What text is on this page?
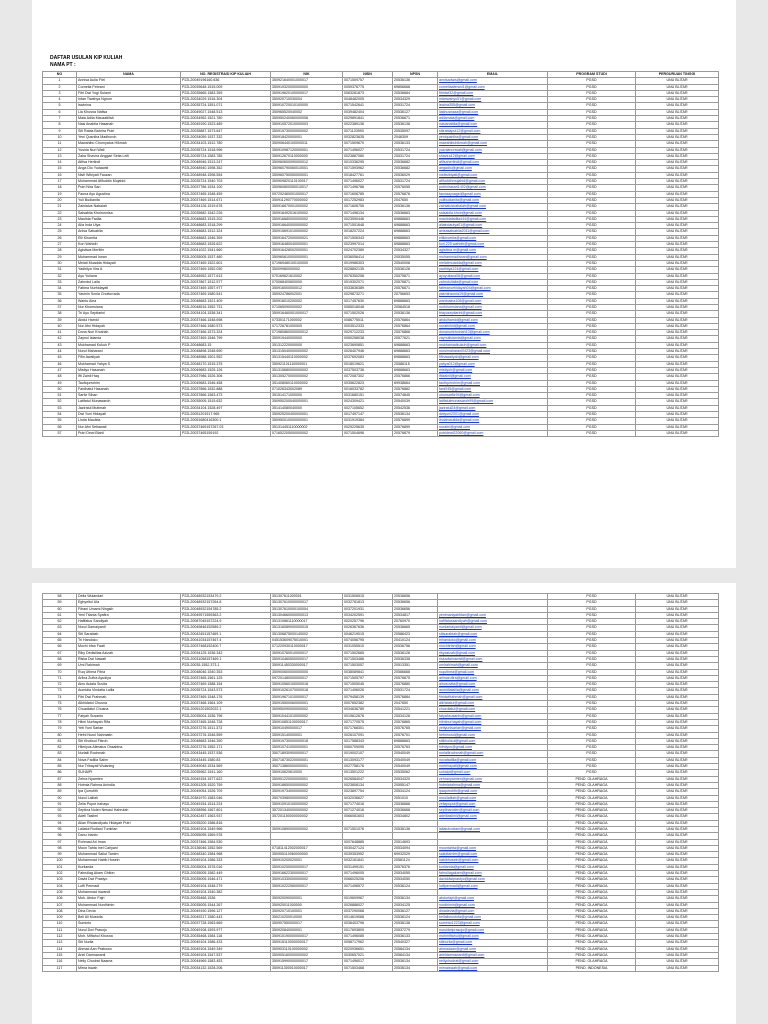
DAFTAR USULAN KIP KULIAH
NAMA PT :
NO	NAMA	NO. REGISTRASI KIP KULIAH	NIK	NISN	NPSN	EMAIL	PROGRAM STUDI	PERGURUAN TINGGI
1	Annisa Aulia Fitri	P22L20049196160.636	350921640001000017	0071509757	20536136	annisadwis@gmail.com	PGSD	UNU BLITAR
2	Cornelia Febrani	P22L20039648.1515.009	350919320000000000	0059376775	69856668	corneliaaferani1@gmail.com	PGSD	UNU BLITAR
3	Fitri Dwi Yogi Sulami	P22L20035665.1583.359	350919620100000017	0063281873	20536684	fitridwi32@gmail.com	PGSD	UNU BLITAR
4	Intan Tiwahya Ngrum	P22L20034029.1516.304	350920710030004	0048482005	20534329	intanwahyu51@gmail.com	PGSD	UNU BLITAR
5	Iswinina	P22L20035724.1551.071	350910720010100000	0071542641	20531724	iswina355@gmail.com	PGSD	UNU BLITAR
6	Lia Khusna Nafisa	P22L20049027.1548.513	350965520040002	0039482404	20536127	liakhusnaaa@gmail.com	PGSD	UNU BLITAR
7	Maia Adila Mauzatillah	P22L20034952.1521.780	350950240060000006	0029891841	20536671	adilamaia@gmail.com	PGSD	UNU BLITAR
8	Nasi Anabila Hasanah	P22L20049190.1523.489	350910572010000003	0022389136	20536138	nasianabila@gmail.com	PGSD	UNU BLITAR
9	Siti Rabia Bahrira Putri	P22L20035887.1573.647	350919730000000002	0071103993	20535097	sitirabiaput12@gmail.com	PGSD	UNU BLITAR
10	Yeni Qusniha Madhuroh	P22L20034059.1537.332	350918420000001	0032823635	2046309	yeniqusniha@gmail.com	PGSD	UNU BLITAR
11	Mawahibu Chomyatus Hikmah	P22L20034103.1512.780	350906440100000011	0071509670	20536133	mawahibuhikmah@gmail.com	PGSD	UNU BLITAR
12	Yusnia Nuri Wati	P22L20035724.1518.996	350910987120000001	0071496027	20531724	yusnianuriwati@gmail.com	PGSD	UNU BLITAR
13	Zaka Shavira Anggari Setia Lelli	P22L20035724.1583.785	350912670110000000	0023887080	20531724	shavira12@gmail.com	PGSD	UNU BLITAR
14	Afifsa Herlindi	P22L20048946.1513.247	350960600090000012	0010336295	20536682	afifsaherlindi@gmail.com	PGSD	UNU BLITAR
15	Anga Dio Yudawati	P22L20048940.1598.352	350960790060010001	0071593962	20536682	angadio@gmail.com	PGSD	UNU BLITAR
16	Nisfi Wibiyati Fauzan	P22L20048948.1598.554	350960750050000001	0018427761	20536029	nisfiwibiyati@gmail.com	PGSD	UNU BLITAR
17	Muhammad Afifuddin Mujahid	P22L20035724.1540.703	350909820110100017	0071496027	20531724	afifuddinmujahid@gmail.com	PGSD	UNU BLITAR
18	Putri Nira Sari	P22L20037786.1534.100	350960800050010017	0071496786	20576055	putrinirasari1402@gmail.com	PGSD	UNU BLITAR
19	Fauna Ayu Agustina	P22L20037465.1548.459	097202460001000017	0071606785	20576876	faunaayuagst@gmail.com	PGSD	UNU BLITAR
20	Yuli Budianita	P22L20037469.1514.671	350911290770000002	0017252983	2047650	yulibudianita@gmail.com	PGSD	UNU BLITAR
21	Zainiatus Nabaiah	P22L20034126.1519.678	350916670001000002	0071606755	20536136	zainiatusnabaiah@gmail.com	PGSD	UNU BLITAR
22	Salsabila Khoirunnisa	P22L20035682.1542.226	350916492016100002	0071496134	20536663	salsabila.khoir@gmail.com	PGSD	UNU BLITAR
23	Maulida Fadila	P22L20048683.1515.202	350916680000000002	0023590446	69888663	maulidafadila444@gmail.com	PGSD	UNU BLITAR
24	Alia Inda Utya	P22L20048683.1518.299	350916640000000002	0071501648	69888663	aliaindautya01@gmail.com	PGSD	UNU BLITAR
25	Anisa Salsabila	P22L20048683.1512.324	350915691010000002	0018207224	69888663	anisasalsabila2011@gmail.com	PGSD	UNU BLITAR
26	Elli Khoerita	P22L20048683.1546.359	350916472000000021	0071506343	69888663	ellikhoerita@gmail.com	PGSD	UNU BLITAR
27	Kori Wahidh	P22L20048683.1526.622	350916480040000001	0023997014	69888663	kori.225.wahidh@gmail.com	PGSD	UNU BLITAR
28	Agistiwa Merlitin	P22L20041022.1541.660	350916428002000001	0024702389	20534327	agistiwa.m@gmail.com	PGSD	UNU BLITAR
29	Muhammad Irwan	P22L20035005.1537.480	350960610000000001	0036056414	20535055	muhammadirwan@gmail.com	PGSD	UNU BLITAR
30	Melati Muadda Hidayati	P22L20037469.1522.601	071969480100100000	0019986303	20540008	melatimuadda@gmail.com	PGSD	UNU BLITAR
31	Yadhitya Vira A	P22L20037469.1552.030	35009980000002	0028892135	20536128	yadhitya124@gmail.com	PGSD	UNU BLITAR
32	Ayu Yuliana	P22L20048952.1577.613	070169621610002	0076350258	20575871	ayuyuliana08@gmail.com	PGSD	UNU BLITAR
33	Zahrotul Laila	P22L20037867.1512.577	070068400600000	0019302071	20576871	zahrotullaila@gmail.com	PGSD	UNU BLITAR
34	Fatima Nurhidayati	P22L20037469.1557.977	350916000000012	0033636389	20576871	fatimanurhidayah04@gmail.com	PGSD	UNU BLITAR
35	Yasmin Sonia Choiturrada	P22L20037469.1580.541	350924786002001	0029873271	20756653	yasminsonia19@gmail.com	PGSD	UNU BLITAR
36	Wanto Aina	P22L20048683.1521.409	350916010200002	0017457630	69888663	wantoaina108@gmail.com	PGSD	UNU BLITAR
37	Nur Khomsiana	P22L20048516.1552.731	071065090000002	0065018048	20584518	nurkhomsiana@gmail.com	PGSD	UNU BLITAR
38	Tri Ayu Septiarini	P22L20034104.1538.341	350916460001000017	0071502026	20536136	triayuseptiarini@gmail.com	PGSD	UNU BLITAR
39	Abdul Hamid	P22L20037466.1548.698	073301171000002	0086775011	20576864	abdulhamid@gmail.com	PGSD	UNU BLITAR
40	Nur Afni Hidayah	P22L20037466.1580.573	071726781000000	0003512333	20576864	nurafnihid@gmail.com	PGSD	UNU BLITAR
41	Dona Nuri Khoiriah	P22L20037466.1573.324	071980860000000012	0029712233	20576868	donanurikhoiriah10@gmail.com	PGSD	UNU BLITAR
42	Zaynul Islamia	P22L20037469.1546.799	350919440000000	0050258038	20577621	zaynulislamia@gmail.com	PGSD	UNU BLITAR
43	Mukhamad Kukuh P	P22L20048683.15	351312220000000	0023690851	69888663	mukhamadkukuh@gmail.com	PGSD	UNU BLITAR
44	Nurul Maharani	P22L20048898.1548.690	351315040000000002	0026407946	69888663	nurulmaharani0423@gmail.com	PGSD	UNU BLITAR
45	Fifin Awaliyah	P22L20048988.1501.552	351315440110000002	0037692083	69888663	fifinawaliyah@gmail.com	PGSD	UNU BLITAR
46	Mukhamad Yahya S	P22L20048170.1515.375	350921101110000001	0018019621	20586115	yahya012@gmail.com	PGSD	UNU BLITAR
47	Mistiyo Hasanah	P22L20049683.1525.126	351315680000000002	0037503736	69888663	mistiyoh@gmail.com	PGSD	UNU BLITAR
48	Ifti Zainil Haq	P22L20037986.1526.306	351305270000000002	0072087302	20576866	iftizainil@gmail.com	PGSD	UNU BLITAR
49	Taufiqurrohim	P22L20049683.1546.458	351408060110000002	0035622823	69938664	taufiqurrohim@gmail.com	PGSD	UNU BLITAR
50	Fardhatul Hasanah	P22L20037866.1532.888	071026343002089	0016033782	20576882	fard945@gmail.com	PGSD	UNU BLITAR
51	Sarfiz Sihan	P22L20037866.1563.473	351514171000000	0031680151	20574845	uhunsarfiz94@gmail.com	PGSD	UNU BLITAR
52	Latifatul Munawaroh	P22L20035005.1515.632	350950200040000001	0024309421	20540039	latifatulmunawaroh99@gmail.com	PGSD	UNU BLITAR
53	Jaziratul Mutimah	P22L20034104.1528.497	351414080040000	0027105652	20542536	jaziratul24@gmail.com	PGSD	UNU BLITAR
54	Dwi Yuni Hidayati	P22L20051201517.965	350925200400000001	0017497147	20536134	dwiyuni2001@gmail.com	PGSD	UNU BLITAR
55	Linda Maulida	P22L20051680416300.1	350950010000000001	0031919384	20576899	lindamaulida@gmail.com	PGSD	UNU BLITAR
56	Nur Afni Setiawati	P22L20037469157267.03	351314451110000002	0029225635	20576899	nurafni@gmail.com	PGSD	UNU BLITAR
57	Putri Dewi Biarti	P22L20037465159192	071652205000000002	0071504696	20576879	putridewi22060@gmail.com	PGSD	UNU BLITAR
58	Della Wulandari	P22L20048932153479.2	351307611000001	0031506515	20536656		PGSD	UNU BLITAR
59	Eghyeltul Ula	P22L20048932157264.8	351307610000000017	0032781813	20536656		PGSD	UNU BLITAR
60	Fitrani Umami Ningsih	P22L20048932154785.2	351307610000100004	0037201931	20536656		PGSD	UNU BLITAR
61	Yeni Titania Syafira	P22L20049571559363.2	351304660000000013	0034202591	20534817	yenimaniyahtitan@gmail.com	PGSD	UNU BLITAR
62	Hafifatus Sandiyah	P22L20087045157224.9	351310861110000017	0020257796	20760970	hafifatussandiyah@gmail.com	PGSD	UNU BLITAR
63	Nurul Damaiyanti	P22L20049846152589.2	351316089000000015	0026367636	20536665	nurdamaiyanti@gmail.com	PGSD	UNU BLITAR
64	Siti Sarabiah	P22L20042451157469.1	351306875000140002	0046219015	20586423	sitisarabiah@gmail.com	PGSD	UNU BLITAR
65	Tri Handoko	P22L20041034157467.4	045153609075010001	0074056795	20410124	trihandoko@gmail.com	PGSD	UNU BLITAR
66	Mochi Irfan Faati	P22L20037468152400.7	071220930110000017	0031055510	20536756	mochiirfan@gmail.com	PGSD	UNU BLITAR
67	Riky Dedislilas Azizah	P22L20034125.1536.342	350910760010000017	0071502665	20536128	rikyazizah@gmail.com	PGSD	UNU BLITAR
68	Riska Dwi Nawati	P22L20031058157469.1	350910460500000017	0071503486	20536338	riskadwinawati@gmail.com	PGSD	UNU BLITAR
69	Umi Rahimah	P22L20035.1552.373.1	350911450330000017	0071503057	20513351	umirahimah@gmail.com	PGSD	UNU BLITAR
70	Ruq Uthma Fitria	P22L20048046.1540.353	350900600000000000	0038089841	20586668	ruquthma@gmail.com	PGSD	UNU BLITAR
71	Arlina Zufira Ayudiya	P22L20037465.1561.125	097201480000000017	0071505797	20576875	arlinazufira@gmail.com	PGSD	UNU BLITAR
72	Ainu Aulala Suvita	P22L20037469.1588.154	350910560100000018	0071505045	20576880	ainusuvita@gmail.com	PGSD	UNU BLITAR
73	Aumidia Vindatia Lailla	P22L20035724.1543.573	350910261070000018	0071496026	20531724	aumidialailla@gmail.com	PGSD	UNU BLITAR
74	Fitri Dwi Frahmah	P22L20037469.1548.176	350919671010000017	0079458139	20576884	fitridwifrahmah@gmail.com	PGSD	UNU BLITAR
75	Alkhidatul Chusna	P22L20037468.1564.109	350915500060000001	0007652382	2047650	alkhidatul@gmail.com	PGSD	UNU BLITAR
76	Chuzdiatul Chusna	P22L20051201502022.1	350950090000000002	0034636789	20541221	chuzdiatul@gmail.com	PGSD	UNU BLITAR
77	Fatyah Susanto	P22L20035004.1536.796	350910441010000002	0019612676	20534128	fatyahsusanto@gmail.com	PGSD	UNU BLITAR
78	Hilmi Nurhayah Rifa	P22L20037465.1548.728	350910851100000017	0071770575	20576865	hilminurhayah@gmail.com	PGSD	UNU BLITAR
79	Yeti Yuni Sariae	P22L20037276.1511.373	350910490000017	0071768301	20576765	yetiyunisariae@gmail.com	PGSD	UNU BLITAR
80	Hefni Nurul Nahmatin	P22L20037276.1546.559	350915140000001	0026107091	20576701	hefninurul@gmail.com	PGSD	UNU BLITAR
81	Siti Kholisul Fikroh	P22L20048683.1546.390	350919730000000018	0017588343	69888663	sitikholisul@gmail.com	PGSD	UNU BLITAR
82	Hilmiyus Alimatus Ossabina	P22L20037276.1552.171	350910741000000001	0060705095	20576763	hilmiyus@gmail.com	PGSD	UNU BLITAR
83	Nurlaili Rochmah	P22L20043445.1537.536	350718930900000017	0019002107	20540049	nurlailirochmah@gmail.com	PGSD	UNU BLITAR
84	Nova Fadilla Salim	P22L20043445.1580.83	350718730220000001	0013093177	20540049	novafadilla@gmail.com	PGSD	UNU BLITAR
85	Nur Trihayati Wulaning	P22L20049045.1534.569	350713860000000001	0027758176	20540049	nurtrihayati@gmail.com	PGSD	UNU BLITAR
86	SUHAIPI	P22L20035962.1541.160	350910620610000	0013501222	20535062	suhaipi@gmail.com	PGSD	UNU BLITAR
87	Zehra Nyamten	P22L20049154.1577.622	350901220000000001	0026584047	20534320	zehranyamten@gmail.com	PEND. OLAHRAGA	UNU BLITAR
88	Hotmia Rahma Anindia	P22L20051205.1520.759	350918650000000002	0023808134	20555147	hotmiarahma@gmail.com	PEND. OLAHRAGA	UNU BLITAR
89	Ipa Qurrotith	P22L20049054.1526.709	350919734000000002	0023897754	20534124	ipaqurrotith@gmail.com	PEND. OLAHRAGA	UNU BLITAR
90	Nurul Lailiah	P22L20381970.1583.046	350703980000000002	0032036627	2051010	nurullailiah@gmail.com	PEND. OLAHRAGA	UNU BLITAR
91	Zelia Puput Irahayu	P22L20049154.1514.224	350910910100000002	0071774016	20536668	zeliapuput@gmail.com	PEND. OLAHRAGA	UNU BLITAR
92	Septina Nolen Nesaul Hahrulah	P22L20038956.1567.801	357201340000000002	0071274016	20536668	septinanolen@gmail.com	PEND. OLAHRAGA	UNU BLITAR
93	Adeli Taslimi	P22L20042457.1563.937	357201150000000002	0066081603	20534802	adelitaslimi@gmail.com	PEND. OLAHRAGA	UNU BLITAR
94	Alian Rholandiyatu Hidayah Putri	P22L20035200.1586.816					PEND. OLAHRAGA	UNU BLITAR
95	Lailatul Rodiani Tumirlan	P22L20049104.1549.966	350910890000000002	0071501076	20536136	lailatulrodiani@gmail.com	PEND. OLAHRAGA	UNU BLITAR
96	Danu Irianto	P22L20055095.1569.978					PEND. OLAHRAGA	UNU BLITAR
97	Rohmad Ari Iman	P22L20037466.1584.530		0007648885	20514693		PEND. OLAHRAGA	UNU BLITAR
98	Moon Tahta Inel Cahyani	P22L20136046.1552.569	071811412002000017	0030427124	20534094	moontahta@gmail.com	PEND. OLAHRAGA	UNU BLITAR
99	Muhammad Sailut Tamim	P22L20048340.1584.968	350905110060000000	0039353952	69932029	sailuttamim@gmail.com	PEND. OLAHRAGA	UNU BLITAR
100	Muhammad Habib Husein	P22L20049104.1586.333	350910200020001	0032161841	20581124	habibhusein@gmail.com	PEND. OLAHRAGA	UNU BLITAR
101	Kurlianda	P22L20035004.1576.016	350910200000000017	0031499151	20576376	kurlianda@gmail.com	PEND. OLAHRAGA	UNU BLITAR
102	Fahrullag Akam Ghifon	P22L20035005.1582.449	350916622300000017	0071496005	20534055	fahrullagakam@gmail.com	PEND. OLAHRAGA	UNU BLITAR
103	David Dwi Prastyo	P22L20035005.1546.471	350910330000000002	0066025206	20534050	daviddwiprastyo@gmail.com	PEND. OLAHRAGA	UNU BLITAR
104	Lutfi Permadi	P22L20049104.1548.279	350910222060000017	0071496572	20536124	lutfipermadi@gmail.com	PEND. OLAHRAGA	UNU BLITAR
105	Mohammad Iswandi	P22L20049104.1540.382					PEND. OLAHRAGA	UNU BLITAR
106	Moh. Abdur Fajri	P22L20035468.1536	350920090000001	0019609967	20536134	abdurfajri@gmail.com	PEND. OLAHRAGA	UNU BLITAR
107	Muhammad Nurdhimin	P22L20035005.1544.267	350920011000000	0026886027	20534125	nurdhimin@gmail.com	PEND. OLAHRAGA	UNU BLITAR
108	Dina Devia	P22L20049190.1596.127	350920710100001	0037290068	20536127	dinadevia@gmail.com	PEND. OLAHRAGA	UNU BLITAR
109	Bell Ali Mustofa	P22L20049217.1580.443	350210200010000	0014619068	20536124	bellalimustofa@gmail.com	PEND. OLAHRAGA	UNU BLITAR
110	Suminto	P22L20037728.1563.669	350907550000017	0036403796	20536138	suminto1223@gmail.com	PEND. OLAHRAGA	UNU BLITAR
111	Nurul Dwi Prasojo	P22L20049108.1593.977	350920840000001	0017693809	20537279	nuruldwiprasojo@gmail.com	PEND. OLAHRAGA	UNU BLITAR
112	Moh. Miftahul Khusna	P22L20035468.1584.118	350910190000000017	0071496085	20536133	mohmiftahul@gmail.com	PEND. OLAHRAGA	UNU BLITAR
113	Siti Nurlia	P22L20049104.1586.433	350915110000000017	0058717962	20540327	sitinurlia@gmail.com	PEND. OLAHRAGA	UNU BLITAR
114	Ahmad Aan Prabowo	P22L20049104.1549.349	350903110100000002	0020936651	20584134	ahmadaan@gmail.com	PEND. OLAHRAGA	UNU BLITAR
115	Ariel Darmawanti	P22L20049104.1547.537	350905160000000002	0030657021	20584134	arieldarmawanti@gmail.com	PEND. OLAHRAGA	UNU BLITAR
116	Nelly Chodrat Naama	P22L20044969.1583.453	350915990000000017	0071496017	20536134	nellychodrat@gmail.com	PEND. OLAHRAGA	UNU BLITAR
117	Mirna Iswah	P22L20034132.1528.206	350911300010000017	0071503468	20536134	mirnaiswah@gmail.com	PEND. INDONESIA	UNU BLITAR
